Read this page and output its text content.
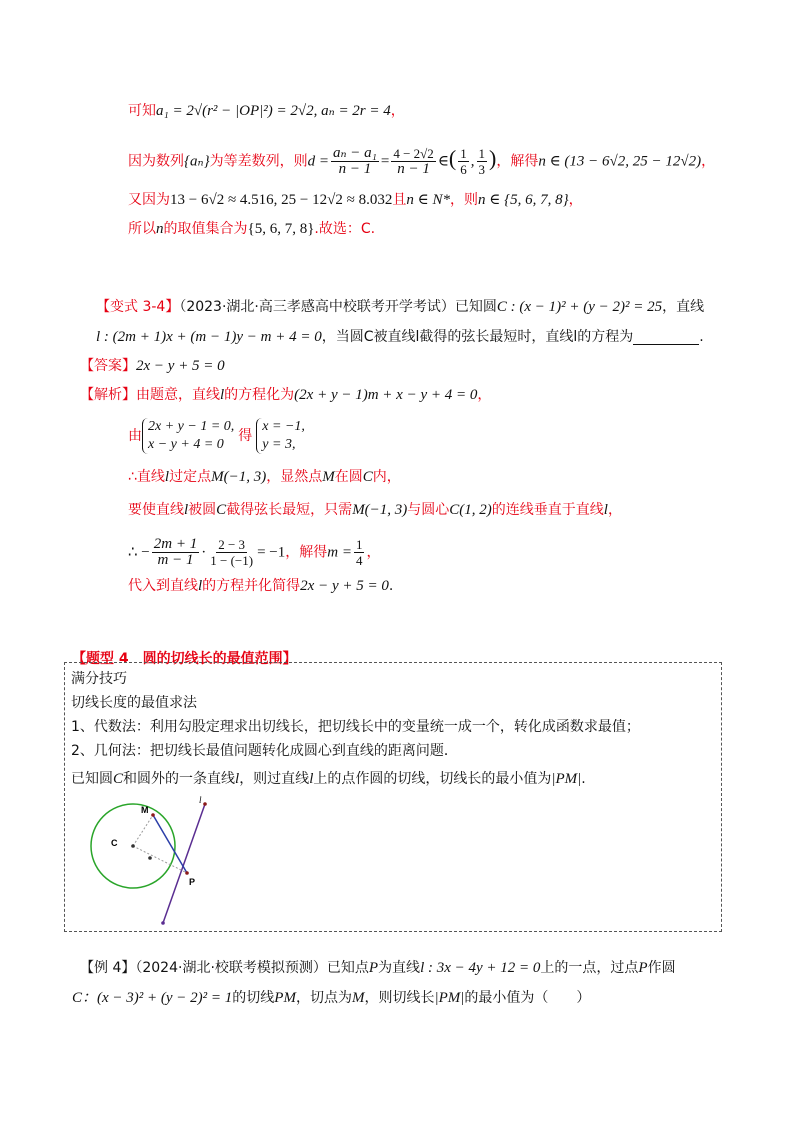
可知a₁ = 2√(r² − |OP|²) = 2√2, aₙ = 2r = 4，
因为数列{aₙ}为等差数列，则$d = \frac{\text{aₙ − a₁}}{n - 1} = \frac{4 - 2√2}{n - 1}$ ∈( $\frac{1}{6}$ , $\frac{1}{3}$ )，解得n ∈ (13 − 6√2, 25 − 12√2)，
又因为13 − 6√2 ≈ 4.516, 25 − 12√2 ≈ 8.032且n ∈ N*，则n ∈ {5, 6, 7, 8}，
所以n的取值集合为{5, 6, 7, 8}.故选：C.
【变式 3-4】（2023·湖北·高三孝感高中校联考开学考试）已知圆C : (x − 1)² + (y − 2)² = 25，直线
l : (2m + 1)x + (m − 1)y − m + 4 = 0，当圆C被直线l截得的弦长最短时，直线l的方程为	.
【答案】2x − y + 5 = 0
【解析】由题意，直线l的方程化为(2x + y − 1)m + x − y + 4 = 0，
由2x + y − 1 = 0,
x − y + 4 = 0得x = −1,
y = 3,
∴直线l过定点M(−1, 3)，显然点M在圆C内，
要使直线l被圆C截得弦长最短，只需M(−1, 3)与圆心C(1, 2)的连线垂直于直线l，
∴ − $\frac{2m + 1}{m - 1} \cdot \frac{2 - 3}{1 - (-1)} = -1$，解得$m = \frac{1}{4}$ ，
代入到直线l的方程并化简得2x − y + 5 = 0.
【题型 4　圆的切线长的最值范围】
满分技巧
切线长度的最值求法
1、代数法：利用勾股定理求出切线长，把切线长中的变量统一成一个，转化成函数求最值；
2、几何法：把切线长最值问题转化成圆心到直线的距离问题．
已知圆C和圆外的一条直线l，则过直线l上的点作圆的切线，切线长的最小值为|PM|.
M
C
P
l
【例 4】（2024·湖北·校联考模拟预测）已知点P为直线l : 3x − 4y + 12 = 0上的一点，过点P作圆
C：(x − 3)² + (y − 2)² = 1的切线PM，切点为M，则切线长|PM|的最小值为（　　）
